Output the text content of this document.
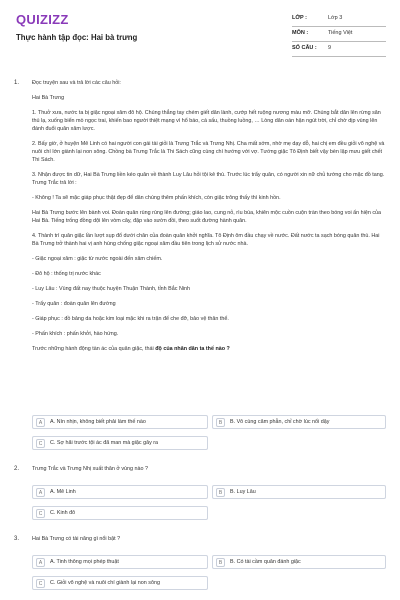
QUIZIZZ
Thực hành tập đọc: Hai bà trưng
LỚP :	Lớp 3
MÔN :	Tiếng Việt
SỐ CÂU : 9
1. Đọc truyện sau và trả lời các câu hỏi:

Hai Bà Trưng

1. Thuở xưa, nước ta bị giặc ngoại xâm đô hộ. Chúng thẳng tay chém giết dân lành, cướp hết ruộng nương màu mỡ. Chúng bắt dân lên rừng săn thú lạ, xuống biển mò ngọc trai, khiến bao người thiệt mạng vì hổ báo, cá sấu, thuồng luồng, … Lòng dân oán hận ngút trời, chỉ chờ dịp vùng lên đánh đuổi quân xâm lược.

2. Bấy giờ, ở huyện Mê Linh có hai người con gái tài giỏi là Trưng Trắc và Trưng Nhị. Cha mất sớm, nhờ mẹ dạy dỗ, hai chị em đều giỏi võ nghệ và nuôi chí lớn giành lại non sông. Chồng bà Trưng Trắc là Thi Sách cũng cùng chí hướng với vợ. Tướng giặc Tô Định biết vậy bèn lập mưu giết chết Thi Sách.

3. Nhận được tin dữ, Hai Bà Trưng liền kéo quân về thành Luy Lâu hỏi tội kẻ thù. Trước lúc trẩy quân, có người xin nữ chủ tướng cho mặc đồ tang. Trưng Trắc trả lời :

- Không ! Ta sẽ mặc giáp phục thật đẹp để dân chúng thêm phấn khích, còn giặc trông thấy thì kinh hồn.

Hai Bà Trưng bước lên bành voi. Đoàn quân rùng rùng lên đường; giáo lao, cung nỏ, rìu búa, khiên mộc cuồn cuộn tràn theo bóng voi ẩn hiện của Hai Bà. Tiếng trống đồng dội lên vòm cây, đập vào sườn đồi, theo suốt đường hành quân.

4. Thành trì quân giặc lần lượt sụp đổ dưới chân của đoàn quân khởi nghĩa. Tô Định ôm đầu chạy về nước. Đất nước ta sạch bóng quân thù. Hai Bà Trưng trở thành hai vị anh hùng chống giặc ngoại xâm đầu tiên trong lịch sử nước nhà.

- Giặc ngoại xâm : giặc từ nước ngoài đến xâm chiếm.

- Đô hộ : thống trị nước khác

- Luy Lâu : Vùng đất nay thuộc huyện Thuận Thành, tỉnh Bắc Ninh

- Trẩy quân : đoàn quân lên đường

- Giáp phục : đồ bảng da hoặc kim loại mặc khi ra trận để che đỡ, bảo vệ thân thể.

- Phấn khích : phấn khởi, hào hứng.

Trước những hành động tàn ác của quân giặc, thái độ của nhân dân ta thế nào ?

A	A. Nín nhịn, không biết phải làm thế nào	B	B. Vô cùng căm phẫn, chỉ chờ lúc nổi dậy
C	C. Sợ hãi trước tội ác đã man mà giặc gây ra
2. Trưng Trắc và Trưng Nhị xuất thân ở vùng nào ?

A	A. Mê Linh	B	B. Luy Lâu
C	C. Kinh đô
3. Hai Bà Trưng có tài năng gì nổi bật ?

A	A. Tinh thông mọi phép thuật	B	B. Có tài cầm quân đánh giặc
C	C. Giỏi võ nghệ và nuôi chí giành lại non sông
